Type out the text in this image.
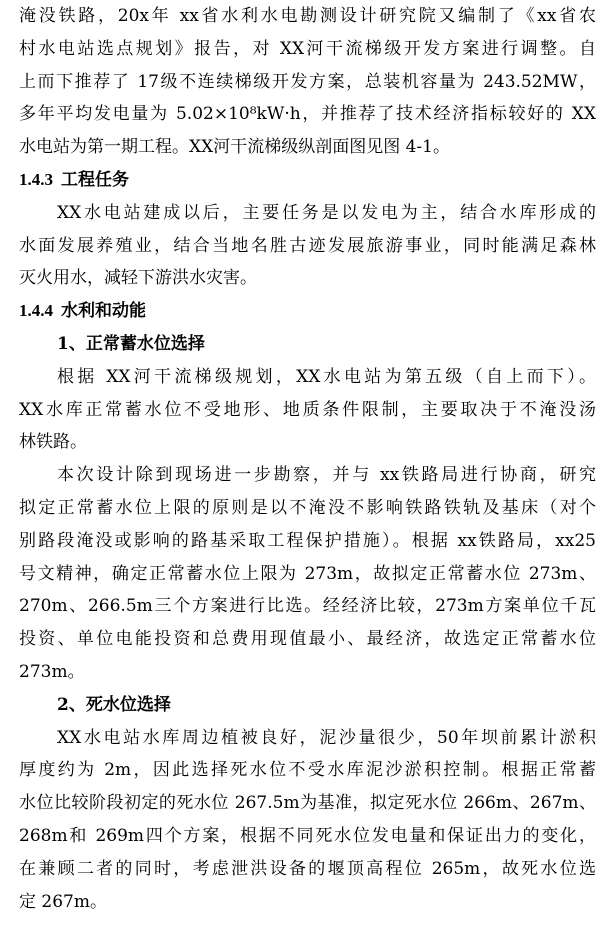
淹没铁路，20x年 xx省水利水电勘测设计研究院又编制了《xx省农
村水电站选点规划》报告，对 XX河干流梯级开发方案进行调整。自
上而下推荐了 17级不连续梯级开发方案，总装机容量为 243.52MW，
多年平均发电量为 5.02×10⁸kW·h，并推荐了技术经济指标较好的 XX
水电站为第一期工程。XX河干流梯级纵剖面图见图 4-1。
1.4.3 工程任务
XX水电站建成以后，主要任务是以发电为主，结合水库形成的
水面发展养殖业，结合当地名胜古迹发展旅游事业，同时能满足森林
灭火用水，减轻下游洪水灾害。
1.4.4 水利和动能
1、正常蓄水位选择
根据 XX河干流梯级规划，XX水电站为第五级（自上而下）。
XX水库正常蓄水位不受地形、地质条件限制，主要取决于不淹没汤
林铁路。
本次设计除到现场进一步勘察，并与 xx铁路局进行协商，研究
拟定正常蓄水位上限的原则是以不淹没不影响铁路铁轨及基床（对个
别路段淹没或影响的路基采取工程保护措施）。根据 xx铁路局，xx25
号文精神，确定正常蓄水位上限为 273m，故拟定正常蓄水位 273m、
270m、266.5m三个方案进行比选。经经济比较，273m方案单位千瓦
投资、单位电能投资和总费用现值最小、最经济，故选定正常蓄水位
273m。
2、死水位选择
XX水电站水库周边植被良好，泥沙量很少，50年坝前累计淤积
厚度约为 2m，因此选择死水位不受水库泥沙淤积控制。根据正常蓄
水位比较阶段初定的死水位 267.5m为基准，拟定死水位 266m、267m、
268m和 269m四个方案，根据不同死水位发电量和保证出力的变化，
在兼顾二者的同时，考虑泄洪设备的堰顶高程位 265m，故死水位选
定 267m。
